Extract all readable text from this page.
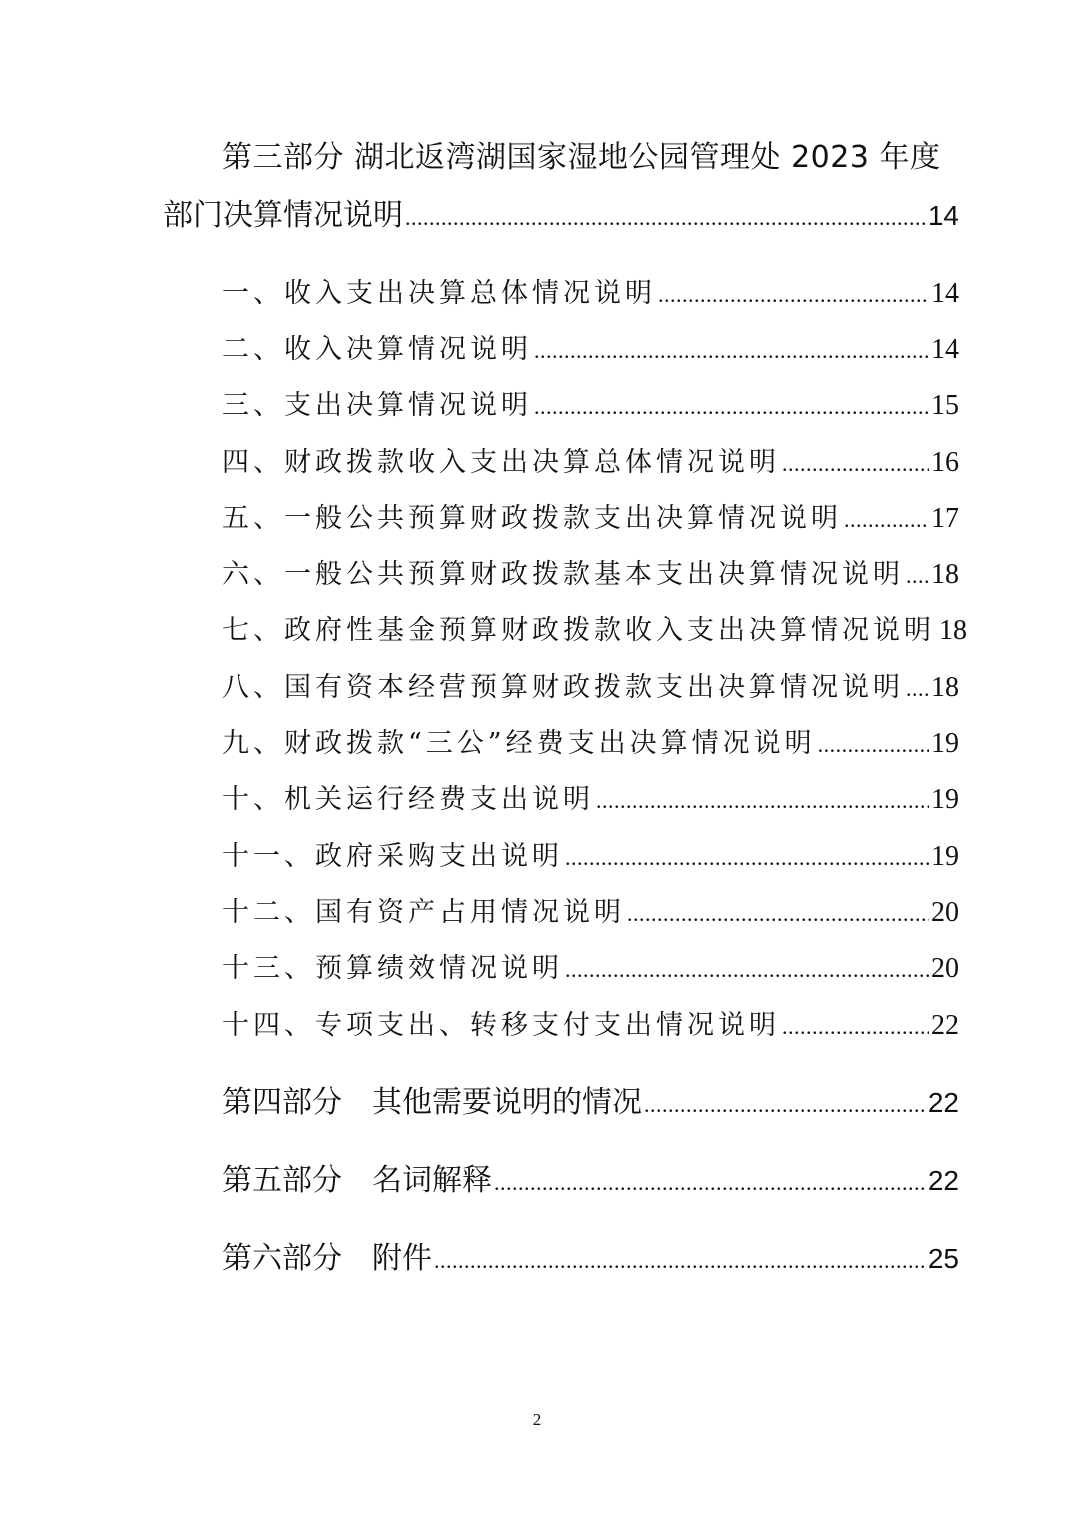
第三部分 湖北返湾湖国家湿地公园管理处 2023 年度
部门决算情况说明 .....	14
一、收入支出决算总体情况说明 .....	14
二、收入决算情况说明 .....	14
三、支出决算情况说明 .....	15
四、财政拨款收入支出决算总体情况说明 .....	16
五、一般公共预算财政拨款支出决算情况说明 .....	17
六、一般公共预算财政拨款基本支出决算情况说明 ..... 18
七、政府性基金预算财政拨款收入支出决算情况说明 18
八、国有资本经营预算财政拨款支出决算情况说明 ..... 18
九、财政拨款“三公”经费支出决算情况说明 .....	19
十、机关运行经费支出说明 .....	19
十一、政府采购支出说明 .....	19
十二、国有资产占用情况说明 .....	20
十三、预算绩效情况说明 .....	20
十四、专项支出、转移支付支出情况说明 .....	22
第四部分 其他需要说明的情况 .....	22
第五部分 名词解释 .....	22
第六部分 附件 .....	25
2
